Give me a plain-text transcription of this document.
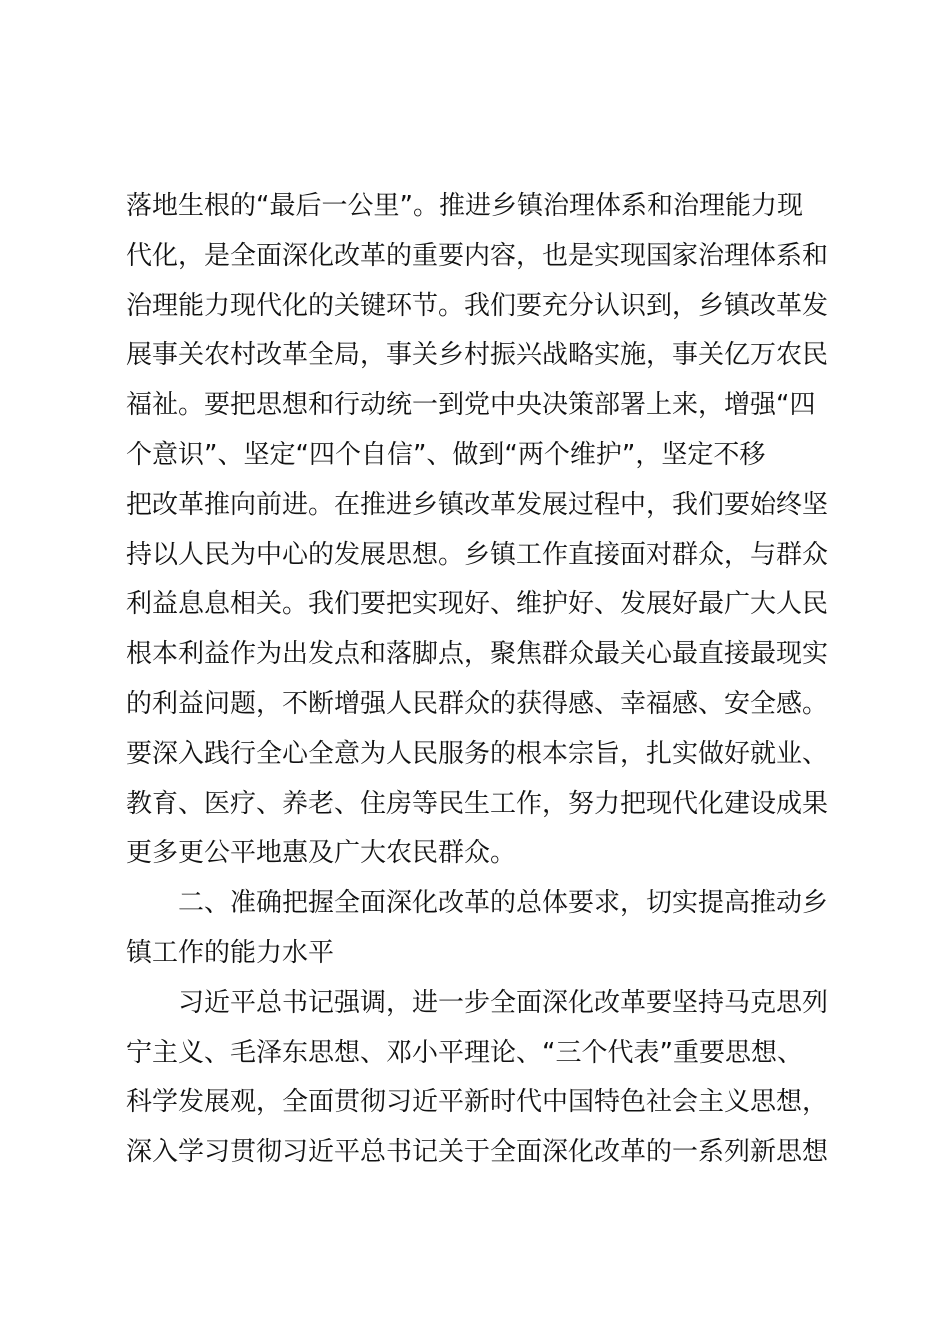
落地生根的“最后一公里”。推进乡镇治理体系和治理能力现
代化，是全面深化改革的重要内容，也是实现国家治理体系和
治理能力现代化的关键环节。我们要充分认识到，乡镇改革发
展事关农村改革全局，事关乡村振兴战略实施，事关亿万农民
福祉。要把思想和行动统一到党中央决策部署上来，增强“四
个意识”、坚定“四个自信”、做到“两个维护”，坚定不移
把改革推向前进。在推进乡镇改革发展过程中，我们要始终坚
持以人民为中心的发展思想。乡镇工作直接面对群众，与群众
利益息息相关。我们要把实现好、维护好、发展好最广大人民
根本利益作为出发点和落脚点，聚焦群众最关心最直接最现实
的利益问题，不断增强人民群众的获得感、幸福感、安全感。
要深入践行全心全意为人民服务的根本宗旨，扎实做好就业、
教育、医疗、养老、住房等民生工作，努力把现代化建设成果
更多更公平地惠及广大农民群众。
二、准确把握全面深化改革的总体要求，切实提高推动乡
镇工作的能力水平
习近平总书记强调，进一步全面深化改革要坚持马克思列
宁主义、毛泽东思想、邓小平理论、“三个代表”重要思想、
科学发展观，全面贯彻习近平新时代中国特色社会主义思想，
深入学习贯彻习近平总书记关于全面深化改革的一系列新思想
